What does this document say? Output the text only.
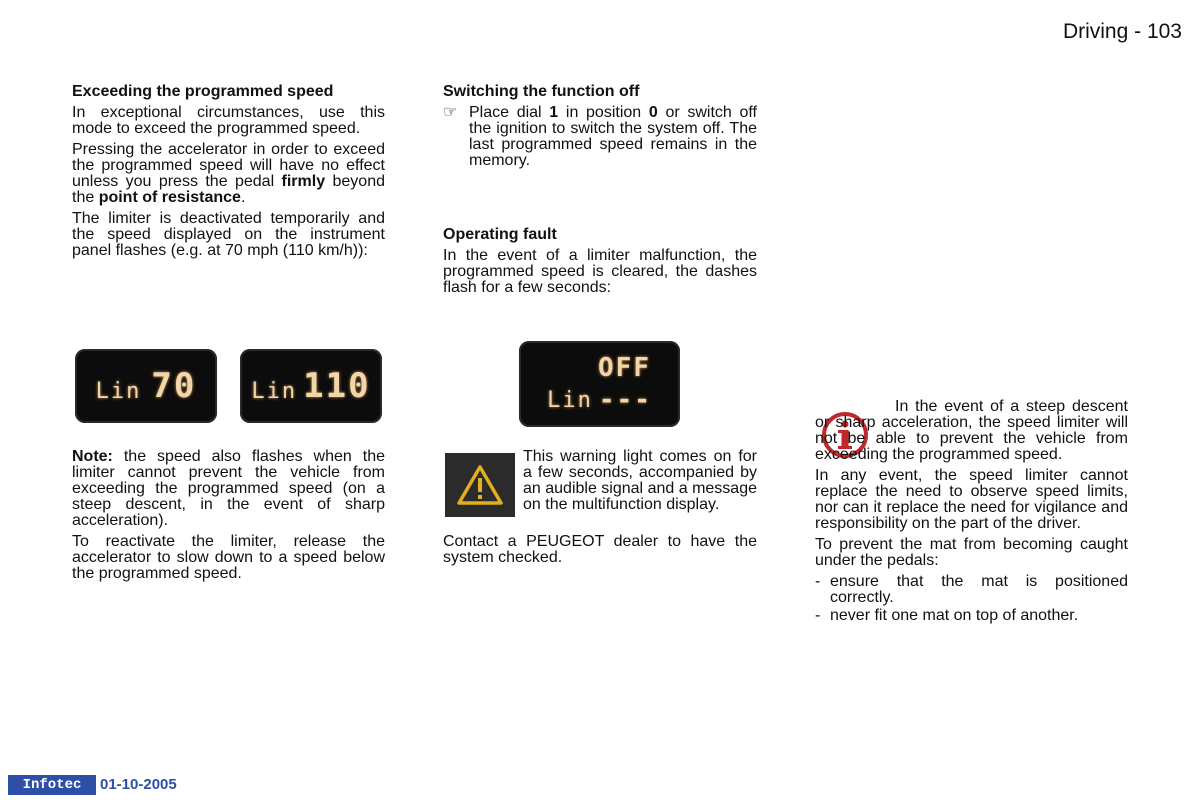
Driving - 103
Exceeding the programmed speed

In exceptional circumstances, use this mode to exceed the programmed speed.

Pressing the accelerator in order to exceed the programmed speed will have no effect unless you press the pedal firmly beyond the point of resistance.

The limiter is deactivated temporarily and the speed displayed on the instrument panel flashes (e.g. at 70 mph (110 km/h)):

Lin 70	Lin 110

Note: the speed also flashes when the limiter cannot prevent the vehicle from exceeding the programmed speed (on a steep descent, in the event of sharp acceleration).

To reactivate the limiter, release the accelerator to slow down to a speed below the programmed speed.

Switching the function off
☞ Place dial 1 in position 0 or switch off the ignition to switch the system off. The last programmed speed remains in the memory.

Operating fault

In the event of a limiter malfunction, the programmed speed is cleared, the dashes flash for a few seconds:

OFF
Lin ---

This warning light comes on for a few seconds, accompanied by an audible signal and a message on the multifunction display.

Contact a PEUGEOT dealer to have the system checked.

In the event of a steep descent or sharp acceleration, the speed limiter will not be able to prevent the vehicle from exceeding the programmed speed.

In any event, the speed limiter cannot replace the need to observe speed limits, nor can it replace the need for vigilance and responsibility on the part of the driver.

To prevent the mat from becoming caught under the pedals:

- ensure that the mat is positioned correctly.
- never fit one mat on top of another.
Infotec	01-10-2005
